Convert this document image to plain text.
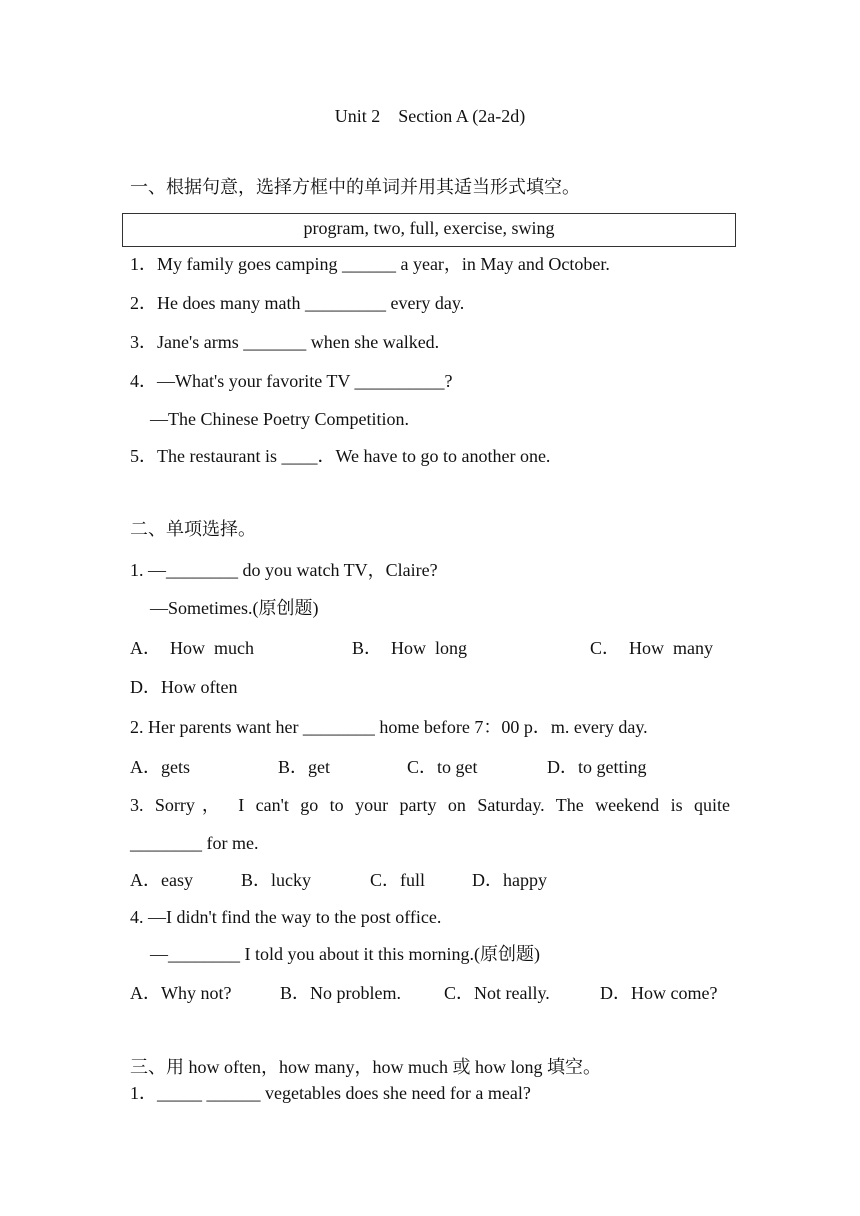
Unit 2    Section A (2a-2d)
一、根据句意，选择方框中的单词并用其适当形式填空。
program, two, full, exercise, swing
1．My family goes camping ______ a year，in May and October.
2．He does many math _________ every day.
3．Jane's arms _______ when she walked.
4．—What's your favorite TV __________?
—The Chinese Poetry Competition.
5．The restaurant is ____．We have to go to another one.
二、单项选择。
1. —________ do you watch TV，Claire?
—Sometimes.(原创题)
A．  How  much	B．  How  long	C．  How  many
D．How often
2. Her parents want her ________ home before 7：00 p．m. every day.
A．gets	B．get	C．to get	D．to getting
3. Sorry， I can't go to your party on Saturday. The weekend is quite
________ for me.
A．easy	B．lucky	C．full	D．happy
4. —I didn't find the way to the post office.
—________ I told you about it this morning.(原创题)
A．Why not?	B．No problem. C．Not really.	D．How come?
三、用 how often，how many，how much 或 how long 填空。
1．_____ ______ vegetables does she need for a meal?
